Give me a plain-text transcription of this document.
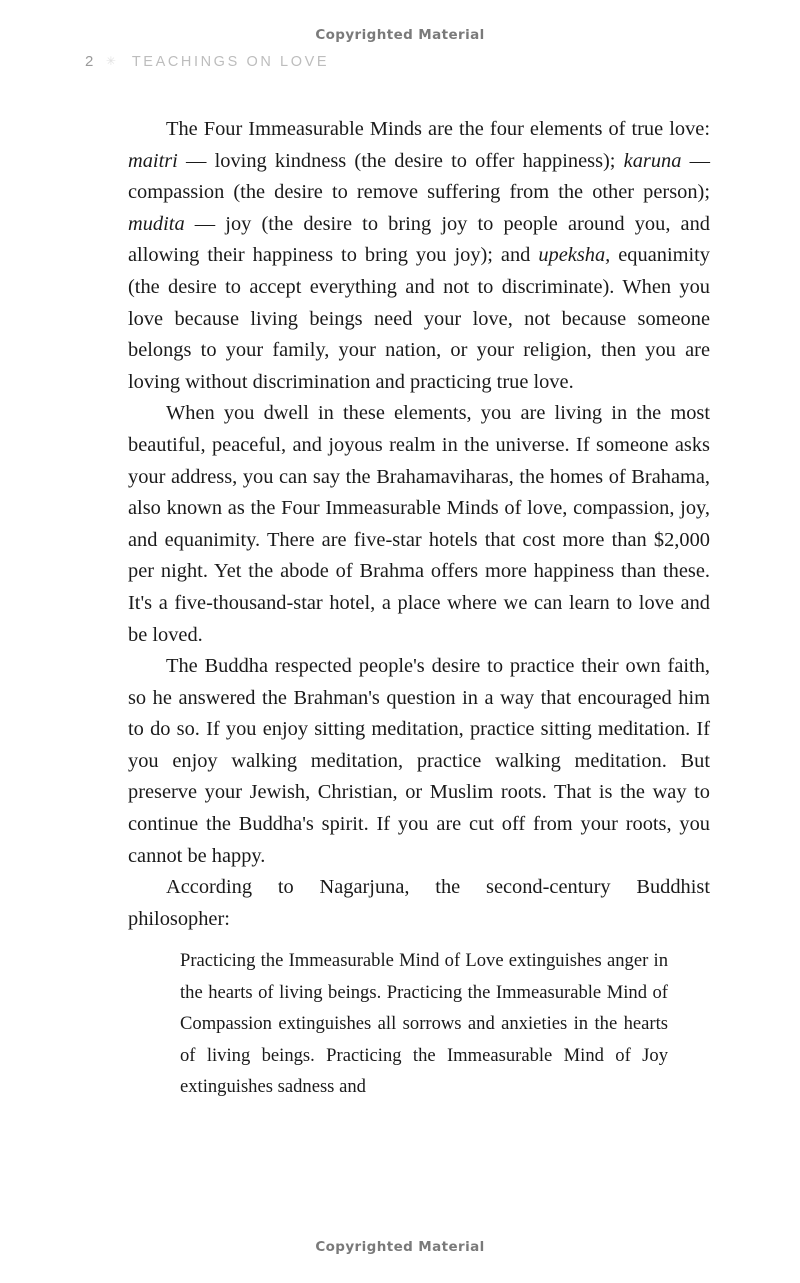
Copyrighted Material
2 ✳	TEACHINGS ON LOVE

The Four Immeasurable Minds are the four elements of true love: maitri — loving kindness (the desire to offer happiness); karuna — compassion (the desire to remove suffering from the other person); mudita — joy (the desire to bring joy to people around you, and allowing their happiness to bring you joy); and upeksha, equanimity (the desire to accept everything and not to discriminate). When you love because living beings need your love, not because someone belongs to your family, your nation, or your religion, then you are loving without discrimination and practicing true love.

When you dwell in these elements, you are living in the most beautiful, peaceful, and joyous realm in the universe. If someone asks your address, you can say the Brahamaviharas, the homes of Brahama, also known as the Four Immeasurable Minds of love, compassion, joy, and equanimity. There are five-star hotels that cost more than $2,000 per night. Yet the abode of Brahma offers more happiness than these. It's a five-thousand-star hotel, a place where we can learn to love and be loved.

The Buddha respected people's desire to practice their own faith, so he answered the Brahman's question in a way that encouraged him to do so. If you enjoy sitting meditation, practice sitting meditation. If you enjoy walking meditation, practice walking meditation. But preserve your Jewish, Christian, or Muslim roots. That is the way to continue the Buddha's spirit. If you are cut off from your roots, you cannot be happy.

According to Nagarjuna, the second-century Buddhist philosopher:

Practicing the Immeasurable Mind of Love extinguishes anger in the hearts of living beings. Practicing the Immeasurable Mind of Compassion extinguishes all sorrows and anxieties in the hearts of living beings. Practicing the Immeasurable Mind of Joy extinguishes sadness and

Copyrighted Material
